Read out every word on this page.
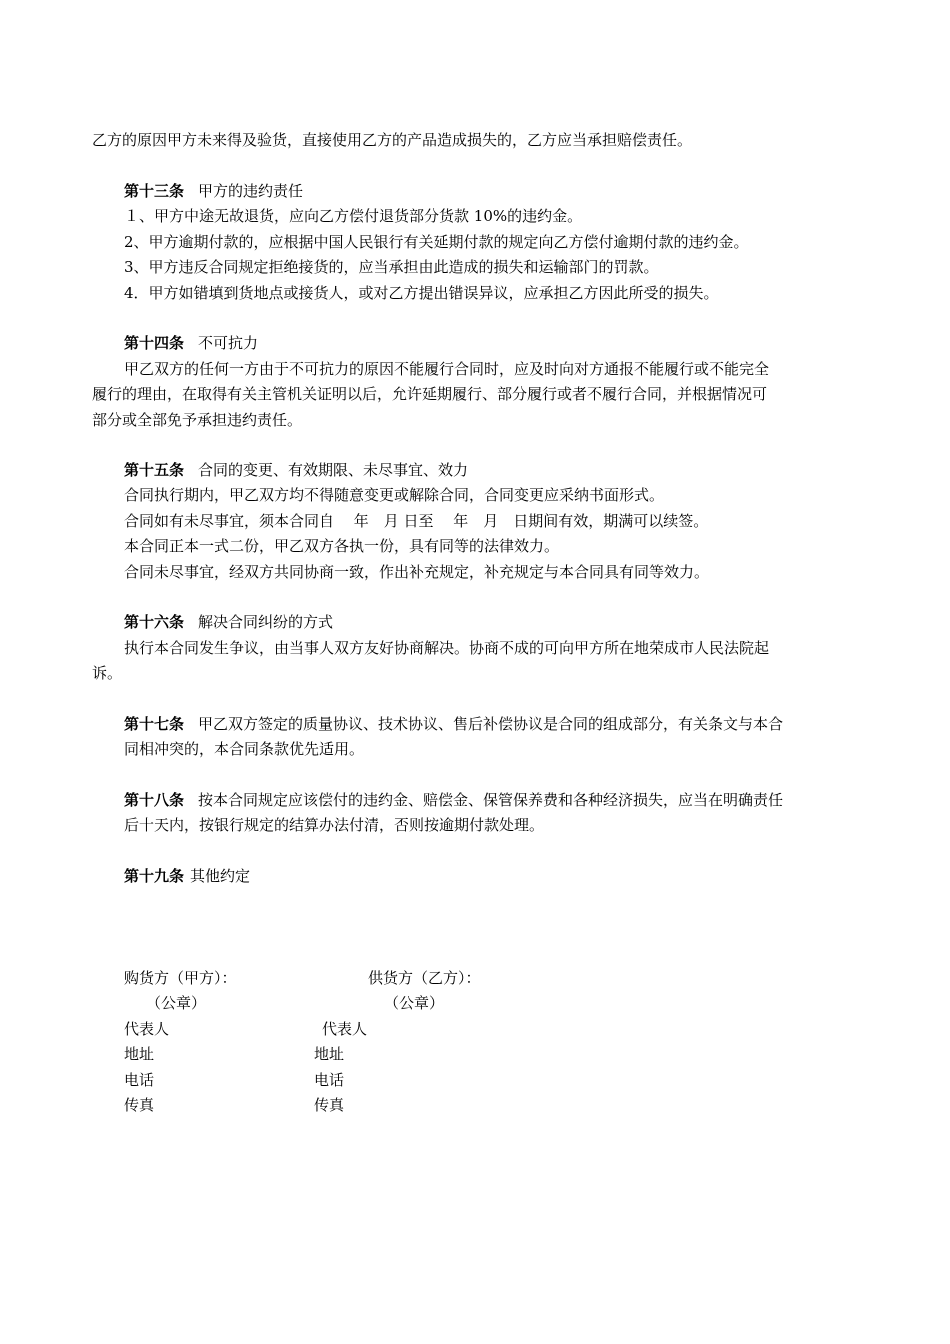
乙方的原因甲方未来得及验货，直接使用乙方的产品造成损失的，乙方应当承担赔偿责任。
第十三条 甲方的违约责任
１、甲方中途无故退货，应向乙方偿付退货部分货款 10%的违约金。
2、甲方逾期付款的，应根据中国人民银行有关延期付款的规定向乙方偿付逾期付款的违约金。
3、甲方违反合同规定拒绝接货的，应当承担由此造成的损失和运输部门的罚款。
4．甲方如错填到货地点或接货人，或对乙方提出错误异议，应承担乙方因此所受的损失。
第十四条 不可抗力
甲乙双方的任何一方由于不可抗力的原因不能履行合同时，应及时向对方通报不能履行或不能完全
履行的理由，在取得有关主管机关证明以后，允许延期履行、部分履行或者不履行合同，并根据情况可
部分或全部免予承担违约责任。
第十五条 合同的变更、有效期限、未尽事宜、效力
合同执行期内，甲乙双方均不得随意变更或解除合同，合同变更应采纳书面形式。
合同如有未尽事宜，须本合同自　 年　月 日至　 年　月　日期间有效，期满可以续签。
本合同正本一式二份，甲乙双方各执一份，具有同等的法律效力。
合同未尽事宜，经双方共同协商一致，作出补充规定，补充规定与本合同具有同等效力。
第十六条 解决合同纠纷的方式
执行本合同发生争议，由当事人双方友好协商解决。协商不成的可向甲方所在地荣成市人民法院起
诉。
第十七条 甲乙双方签定的质量协议、技术协议、售后补偿协议是合同的组成部分，有关条文与本合
同相冲突的，本合同条款优先适用。
第十八条 按本合同规定应该偿付的违约金、赔偿金、保管保养费和各种经济损失，应当在明确责任
后十天内，按银行规定的结算办法付清，否则按逾期付款处理。
第十九条 其他约定
购货方（甲方）：	供货方（乙方）：
（公章）	（公章）
代表人	代表人
地址	地址
电话	电话
传真	传真
